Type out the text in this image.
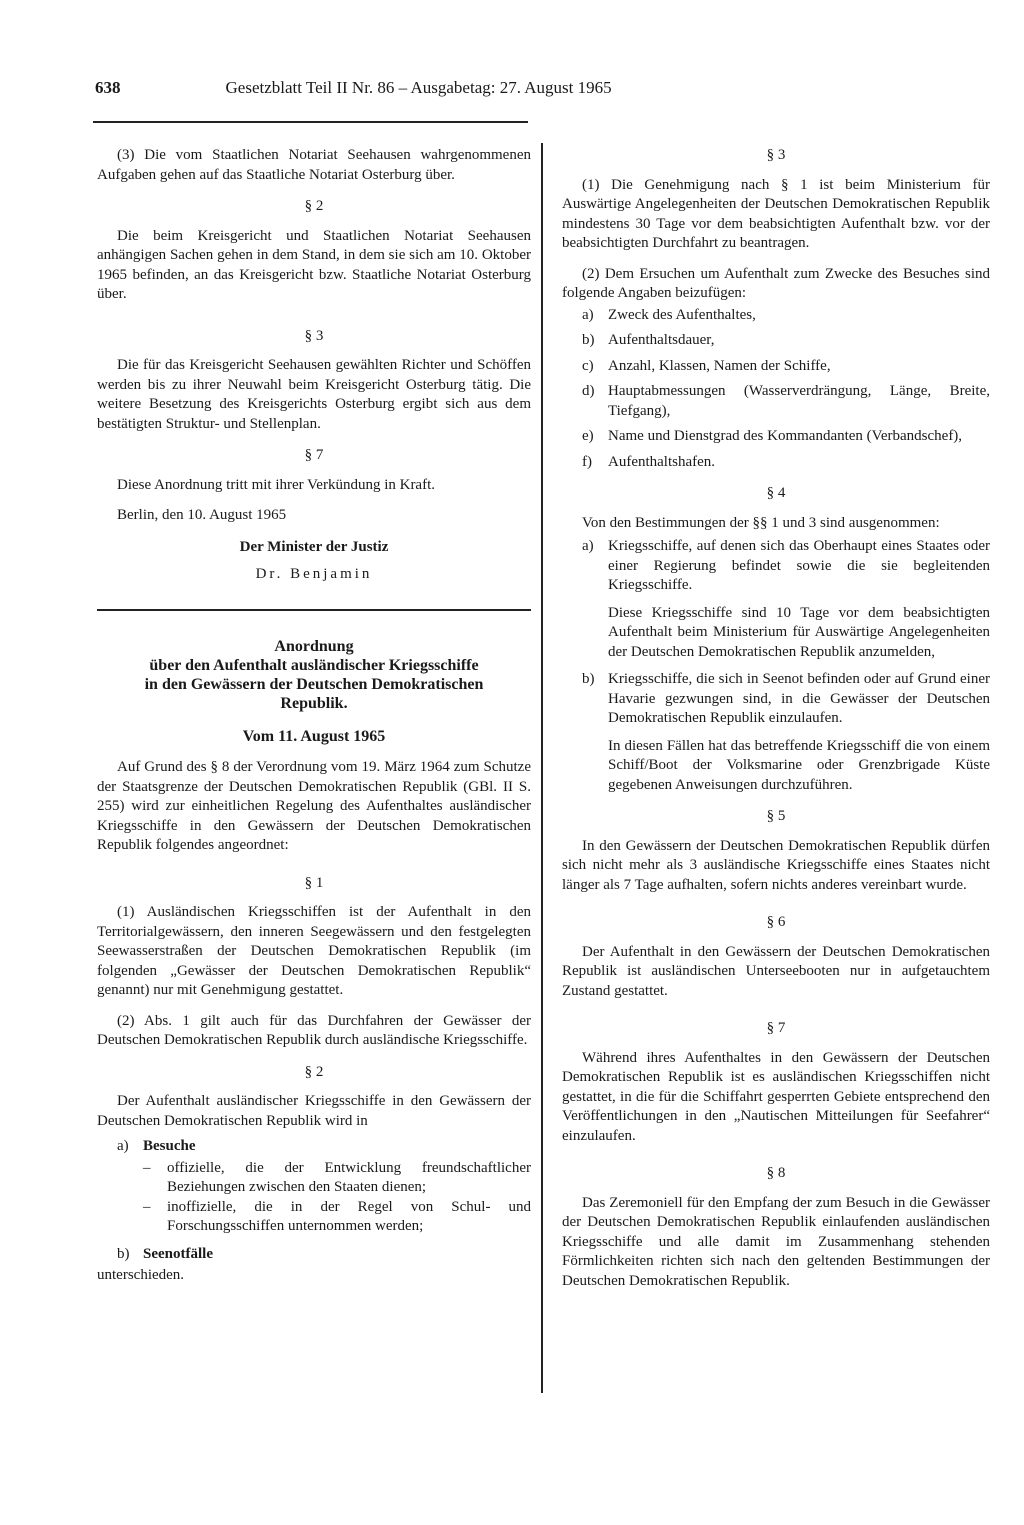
638	Gesetzblatt Teil II Nr. 86 – Ausgabetag: 27. August 1965

(3) Die vom Staatlichen Notariat Seehausen wahrgenommenen Aufgaben gehen auf das Staatliche Notariat Osterburg über.

§ 2

Die beim Kreisgericht und Staatlichen Notariat Seehausen anhängigen Sachen gehen in dem Stand, in dem sie sich am 10. Oktober 1965 befinden, an das Kreisgericht bzw. Staatliche Notariat Osterburg über.

§ 3

Die für das Kreisgericht Seehausen gewählten Richter und Schöffen werden bis zu ihrer Neuwahl beim Kreisgericht Osterburg tätig. Die weitere Besetzung des Kreisgerichts Osterburg ergibt sich aus dem bestätigten Struktur- und Stellenplan.

§ 7

Diese Anordnung tritt mit ihrer Verkündung in Kraft.

Berlin, den 10. August 1965

Der Minister der Justiz
Dr. Benjamin
Anordnung
über den Aufenthalt ausländischer Kriegsschiffe
in den Gewässern der Deutschen Demokratischen
Republik.
Vom 11. August 1965

Auf Grund des § 8 der Verordnung vom 19. März 1964 zum Schutze der Staatsgrenze der Deutschen Demokratischen Republik (GBl. II S. 255) wird zur einheitlichen Regelung des Aufenthaltes ausländischer Kriegsschiffe in den Gewässern der Deutschen Demokratischen Republik folgendes angeordnet:

§ 1

(1) Ausländischen Kriegsschiffen ist der Aufenthalt in den Territorialgewässern, den inneren Seegewässern und den festgelegten Seewasserstraßen der Deutschen Demokratischen Republik (im folgenden „Gewässer der Deutschen Demokratischen Republik“ genannt) nur mit Genehmigung gestattet.

(2) Abs. 1 gilt auch für das Durchfahren der Gewässer der Deutschen Demokratischen Republik durch ausländische Kriegsschiffe.

§ 2

Der Aufenthalt ausländischer Kriegsschiffe in den Gewässern der Deutschen Demokratischen Republik wird in

a) Besuche
–	offizielle, die der Entwicklung freundschaftlicher Beziehungen zwischen den Staaten dienen;
–	inoffizielle, die in der Regel von Schul- und Forschungsschiffen unternommen werden;
b) Seenotfälle

unterschieden.

§ 3

(1) Die Genehmigung nach § 1 ist beim Ministerium für Auswärtige Angelegenheiten der Deutschen Demokratischen Republik mindestens 30 Tage vor dem beabsichtigten Aufenthalt bzw. vor der beabsichtigten Durchfahrt zu beantragen.

(2) Dem Ersuchen um Aufenthalt zum Zwecke des Besuches sind folgende Angaben beizufügen:

a) Zweck des Aufenthaltes,
b) Aufenthaltsdauer,
c) Anzahl, Klassen, Namen der Schiffe,
d) Hauptabmessungen (Wasserverdrängung, Länge, Breite, Tiefgang),
e) Name und Dienstgrad des Kommandanten (Verbandschef),
f)	Aufenthaltshafen.
§ 4

Von den Bestimmungen der §§ 1 und 3 sind ausgenommen:

a) Kriegsschiffe, auf denen sich das Oberhaupt eines Staates oder einer Regierung befindet sowie die sie begleitenden Kriegsschiffe.

Diese Kriegsschiffe sind 10 Tage vor dem beabsichtigten Aufenthalt beim Ministerium für Auswärtige Angelegenheiten der Deutschen Demokratischen Republik anzumelden,

b) Kriegsschiffe, die sich in Seenot befinden oder auf Grund einer Havarie gezwungen sind, in die Gewässer der Deutschen Demokratischen Republik einzulaufen.

In diesen Fällen hat das betreffende Kriegsschiff die von einem Schiff/Boot der Volksmarine oder Grenzbrigade Küste gegebenen Anweisungen durchzuführen.

§ 5

In den Gewässern der Deutschen Demokratischen Republik dürfen sich nicht mehr als 3 ausländische Kriegsschiffe eines Staates nicht länger als 7 Tage aufhalten, sofern nichts anderes vereinbart wurde.

§ 6

Der Aufenthalt in den Gewässern der Deutschen Demokratischen Republik ist ausländischen Unterseebooten nur in aufgetauchtem Zustand gestattet.

§ 7

Während ihres Aufenthaltes in den Gewässern der Deutschen Demokratischen Republik ist es ausländischen Kriegsschiffen nicht gestattet, in die für die Schiffahrt gesperrten Gebiete entsprechend den Veröffentlichungen in den „Nautischen Mitteilungen für Seefahrer“ einzulaufen.

§ 8

Das Zeremoniell für den Empfang der zum Besuch in die Gewässer der Deutschen Demokratischen Republik einlaufenden ausländischen Kriegsschiffe und alle damit im Zusammenhang stehenden Förmlichkeiten richten sich nach den geltenden Bestimmungen der Deutschen Demokratischen Republik.
